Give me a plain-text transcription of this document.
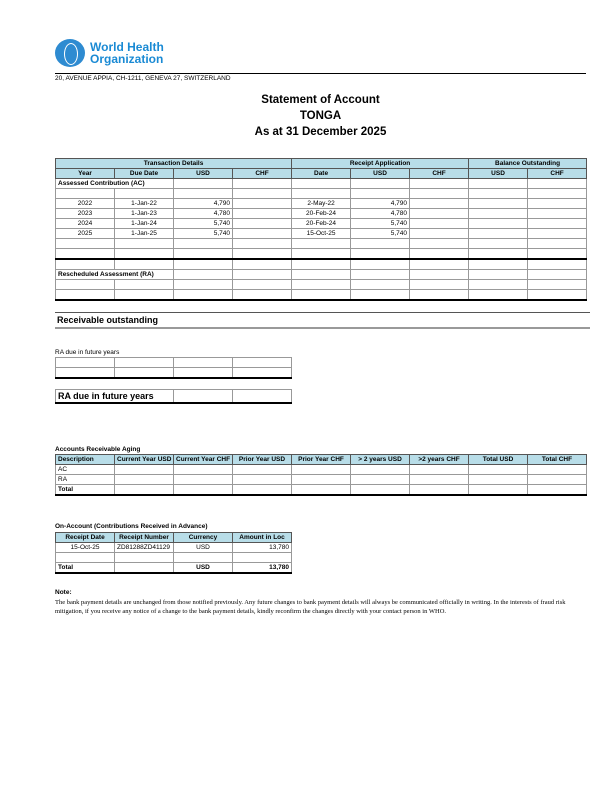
World Health
Organization
20, AVENUE APPIA, CH-1211, GENEVA 27, SWITZERLAND
Statement of Account
TONGA
As at 31 December 2025
Transaction Details				Receipt Application			Balance Outstanding	
Year	Due Date	USD	CHF	Date	USD	CHF	USD	CHF
Assessed Contribution (AC)								

2022	1-Jan-22	4,790		2-May-22	4,790			
2023	1-Jan-23	4,780		20-Feb-24	4,780			
2024	1-Jan-24	5,740		20-Feb-24	5,740			
2025	1-Jan-25	5,740		15-Oct-25	5,740			

Rescheduled Assessment (RA)								

Receivable outstanding
RA due in future years

RA due in future years		
Accounts Receivable Aging
Description	Current Year USD	Current Year CHF	Prior Year USD	Prior Year CHF	> 2 years USD	>2 years CHF	Total USD	Total CHF
AC								
RA								
Total								
On-Account (Contributions Received in Advance)
Receipt Date	Receipt Number	Currency	Amount in Loc
15-Oct-25	ZD81288ZD41129	USD	13,780

Total		USD	13,780
Note:
The bank payment details are unchanged from those notified previously. Any future changes to bank payment details will always be communicated officially in writing. In the interests of fraud risk mitigation, if you receive any notice of a change to the bank payment details, kindly reconfirm the changes directly with your contact person in WHO.
